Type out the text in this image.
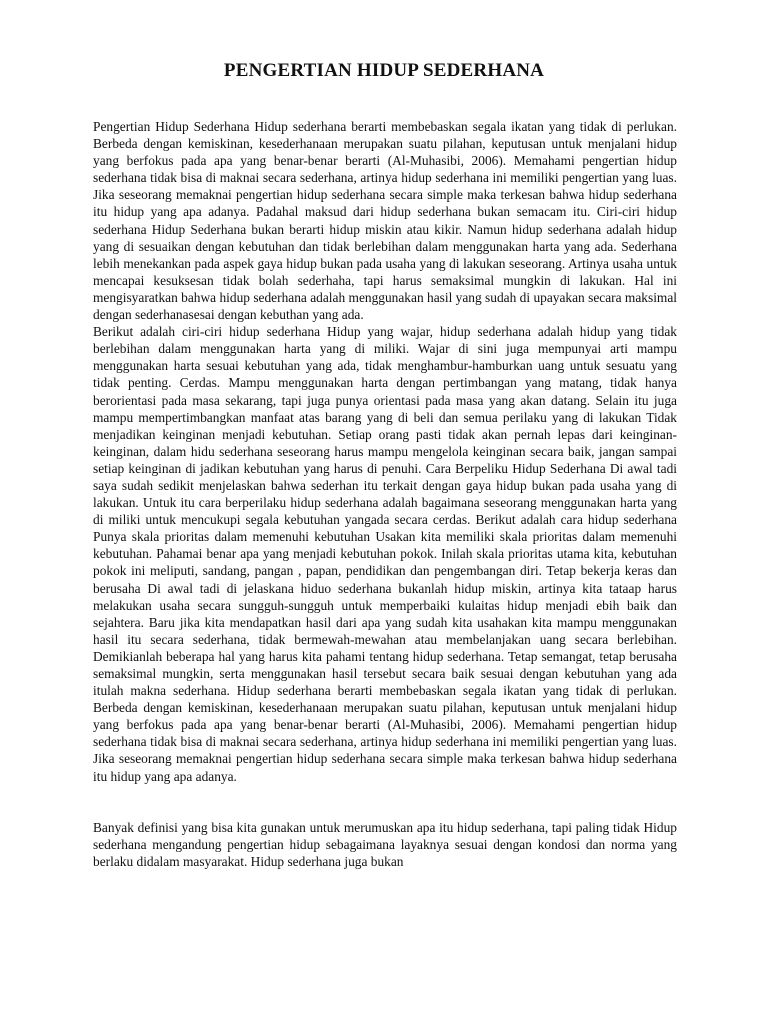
PENGERTIAN HIDUP SEDERHANA

Pengertian Hidup Sederhana Hidup sederhana berarti membebaskan segala ikatan yang tidak di perlukan. Berbeda dengan kemiskinan, kesederhanaan merupakan suatu pilahan, keputusan untuk menjalani hidup yang berfokus pada apa yang benar-benar berarti (Al-Muhasibi, 2006). Memahami pengertian hidup sederhana tidak bisa di maknai secara sederhana, artinya hidup sederhana ini memiliki pengertian yang luas. Jika seseorang memaknai pengertian hidup sederhana secara simple maka terkesan bahwa hidup sederhana itu hidup yang apa adanya. Padahal maksud dari hidup sederhana bukan semacam itu. Ciri-ciri hidup sederhana Hidup Sederhana bukan berarti hidup miskin atau kikir. Namun hidup sederhana adalah hidup yang di sesuaikan dengan kebutuhan dan tidak berlebihan dalam menggunakan harta yang ada. Sederhana lebih menekankan pada aspek gaya hidup bukan pada usaha yang di lakukan seseorang. Artinya usaha untuk mencapai kesuksesan tidak bolah sederhaha, tapi harus semaksimal mungkin di lakukan. Hal ini mengisyaratkan bahwa hidup sederhana adalah menggunakan hasil yang sudah di upayakan secara maksimal dengan sederhanasesai dengan kebuthan yang ada.

Berikut adalah ciri-ciri hidup sederhana Hidup yang wajar, hidup sederhana adalah hidup yang tidak berlebihan dalam menggunakan harta yang di miliki. Wajar di sini juga mempunyai arti mampu menggunakan harta sesuai kebutuhan yang ada, tidak menghambur-hamburkan uang untuk sesuatu yang tidak penting. Cerdas. Mampu menggunakan harta dengan pertimbangan yang matang, tidak hanya berorientasi pada masa sekarang, tapi juga punya orientasi pada masa yang akan datang. Selain itu juga mampu mempertimbangkan manfaat atas barang yang di beli dan semua perilaku yang di lakukan Tidak menjadikan keinginan menjadi kebutuhan. Setiap orang pasti tidak akan pernah lepas dari keinginan-keinginan, dalam hidu sederhana seseorang harus mampu mengelola keinginan secara baik, jangan sampai setiap keinginan di jadikan kebutuhan yang harus di penuhi. Cara Berpeliku Hidup Sederhana Di awal tadi saya sudah sedikit menjelaskan bahwa sederhan itu terkait dengan gaya hidup bukan pada usaha yang di lakukan. Untuk itu cara berperilaku hidup sederhana adalah bagaimana seseorang menggunakan harta yang di miliki untuk mencukupi segala kebutuhan yangada secara cerdas. Berikut adalah cara hidup sederhana Punya skala prioritas dalam memenuhi kebutuhan Usakan kita memiliki skala prioritas dalam memenuhi kebutuhan. Pahamai benar apa yang menjadi kebutuhan pokok. Inilah skala prioritas utama kita, kebutuhan pokok ini meliputi, sandang, pangan , papan, pendidikan dan pengembangan diri. Tetap bekerja keras dan berusaha Di awal tadi di jelaskana hiduo sederhana bukanlah hidup miskin, artinya kita tataap harus melakukan usaha secara sungguh-sungguh untuk memperbaiki kulaitas hidup menjadi ebih baik dan sejahtera. Baru jika kita mendapatkan hasil dari apa yang sudah kita usahakan kita mampu menggunakan hasil itu secara sederhana, tidak bermewah-mewahan atau membelanjakan uang secara berlebihan. Demikianlah beberapa hal yang harus kita pahami tentang hidup sederhana. Tetap semangat, tetap berusaha semaksimal mungkin, serta menggunakan hasil tersebut secara baik sesuai dengan kebutuhan yang ada itulah makna sederhana. Hidup sederhana berarti membebaskan segala ikatan yang tidak di perlukan. Berbeda dengan kemiskinan, kesederhanaan merupakan suatu pilahan, keputusan untuk menjalani hidup yang berfokus pada apa yang benar-benar berarti (Al-Muhasibi, 2006). Memahami pengertian hidup sederhana tidak bisa di maknai secara sederhana, artinya hidup sederhana ini memiliki pengertian yang luas. Jika seseorang memaknai pengertian hidup sederhana secara simple maka terkesan bahwa hidup sederhana itu hidup yang apa adanya.

Banyak definisi yang bisa kita gunakan untuk merumuskan apa itu hidup sederhana, tapi paling tidak Hidup sederhana mengandung pengertian hidup sebagaimana layaknya sesuai dengan kondosi dan norma yang berlaku didalam masyarakat. Hidup sederhana juga bukan
